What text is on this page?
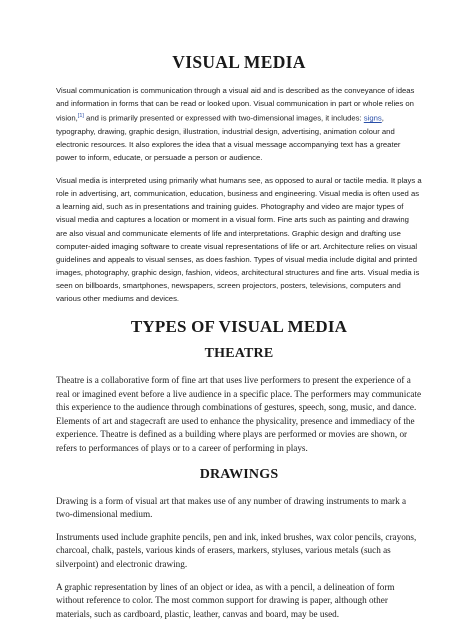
VISUAL MEDIA

Visual communication is communication through a visual aid and is described as the conveyance of ideas and information in forms that can be read or looked upon. Visual communication in part or whole relies on vision,[1] and is primarily presented or expressed with two-dimensional images, it includes: signs, typography, drawing, graphic design, illustration, industrial design, advertising, animation colour and electronic resources. It also explores the idea that a visual message accompanying text has a greater power to inform, educate, or persuade a person or audience.

Visual media is interpreted using primarily what humans see, as opposed to aural or tactile media. It plays a role in advertising, art, communication, education, business and engineering. Visual media is often used as a learning aid, such as in presentations and training guides. Photography and video are major types of visual media and captures a location or moment in a visual form. Fine arts such as painting and drawing are also visual and communicate elements of life and interpretations. Graphic design and drafting use computer-aided imaging software to create visual representations of life or art. Architecture relies on visual guidelines and appeals to visual senses, as does fashion. Types of visual media include digital and printed images, photography, graphic design, fashion, videos, architectural structures and fine arts. Visual media is seen on billboards, smartphones, newspapers, screen projectors, posters, televisions, computers and various other mediums and devices.

TYPES OF VISUAL MEDIA
THEATRE

Theatre is a collaborative form of fine art that uses live performers to present the experience of a real or imagined event before a live audience in a specific place. The performers may communicate this experience to the audience through combinations of gestures, speech, song, music, and dance. Elements of art and stagecraft are used to enhance the physicality, presence and immediacy of the experience. Theatre is defined as a building where plays are performed or movies are shown, or refers to performances of plays or to a career of performing in plays.

DRAWINGS

Drawing is a form of visual art that makes use of any number of drawing instruments to mark a two-dimensional medium.

Instruments used include graphite pencils, pen and ink, inked brushes, wax color pencils, crayons, charcoal, chalk, pastels, various kinds of erasers, markers, styluses, various metals (such as silverpoint) and electronic drawing.

A graphic representation by lines of an object or idea, as with a pencil, a delineation of form without reference to color. The most common support for drawing is paper, although other materials, such as cardboard, plastic, leather, canvas and board, may be used.
